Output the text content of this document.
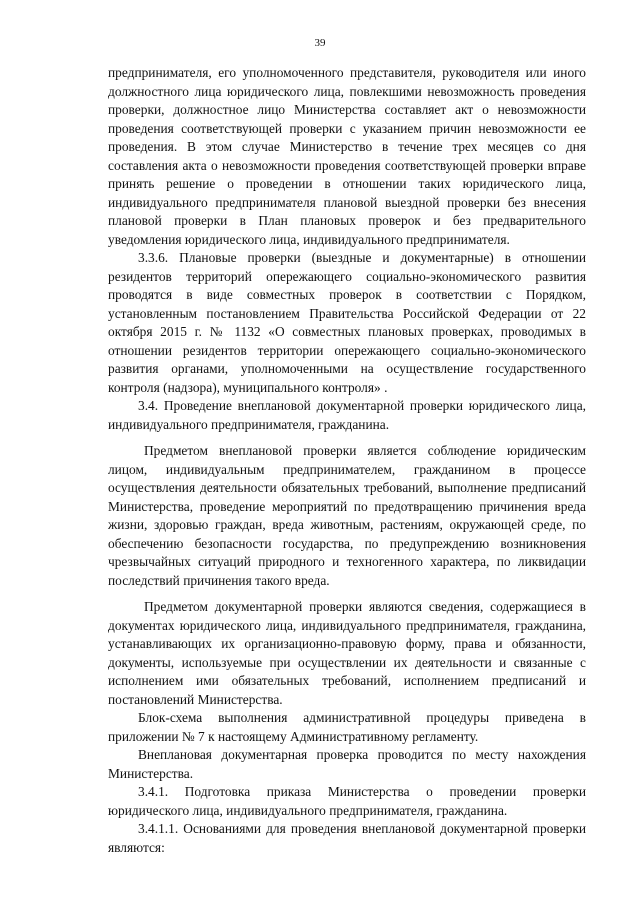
39

предпринимателя, его уполномоченного представителя, руководителя или иного должностного лица юридического лица, повлекшими невозможность проведения проверки, должностное лицо Министерства составляет акт о невозможности проведения соответствующей проверки с указанием причин невозможности ее проведения. В этом случае Министерство в течение трех месяцев со дня составления акта о невозможности проведения соответствующей проверки вправе принять решение о проведении в отношении таких юридического лица, индивидуального предпринимателя плановой выездной проверки без внесения плановой проверки в План плановых проверок и без предварительного уведомления юридического лица, индивидуального предпринимателя.

3.3.6. Плановые проверки (выездные и документарные) в отношении резидентов территорий опережающего социально-экономического развития проводятся в виде совместных проверок в соответствии с Порядком, установленным постановлением Правительства Российской Федерации от 22 октября 2015 г. № 1132 «О совместных плановых проверках, проводимых в отношении резидентов территории опережающего социально-экономического развития органами, уполномоченными на осуществление государственного контроля (надзора), муниципального контроля» .

3.4. Проведение внеплановой документарной проверки юридического лица, индивидуального предпринимателя, гражданина.

Предметом внеплановой проверки является соблюдение юридическим лицом, индивидуальным предпринимателем, гражданином в процессе осуществления деятельности обязательных требований, выполнение предписаний Министерства, проведение мероприятий по предотвращению причинения вреда жизни, здоровью граждан, вреда животным, растениям, окружающей среде, по обеспечению безопасности государства, по предупреждению возникновения чрезвычайных ситуаций природного и техногенного характера, по ликвидации последствий причинения такого вреда.

Предметом документарной проверки являются сведения, содержащиеся в документах юридического лица, индивидуального предпринимателя, гражданина, устанавливающих их организационно-правовую форму, права и обязанности, документы, используемые при осуществлении их деятельности и связанные с исполнением ими обязательных требований, исполнением предписаний и постановлений Министерства.

Блок-схема выполнения административной процедуры приведена в приложении № 7 к настоящему Административному регламенту.

Внеплановая документарная проверка проводится по месту нахождения Министерства.

3.4.1. Подготовка приказа Министерства о проведении проверки юридического лица, индивидуального предпринимателя, гражданина.

3.4.1.1. Основаниями для проведения внеплановой документарной проверки являются:
